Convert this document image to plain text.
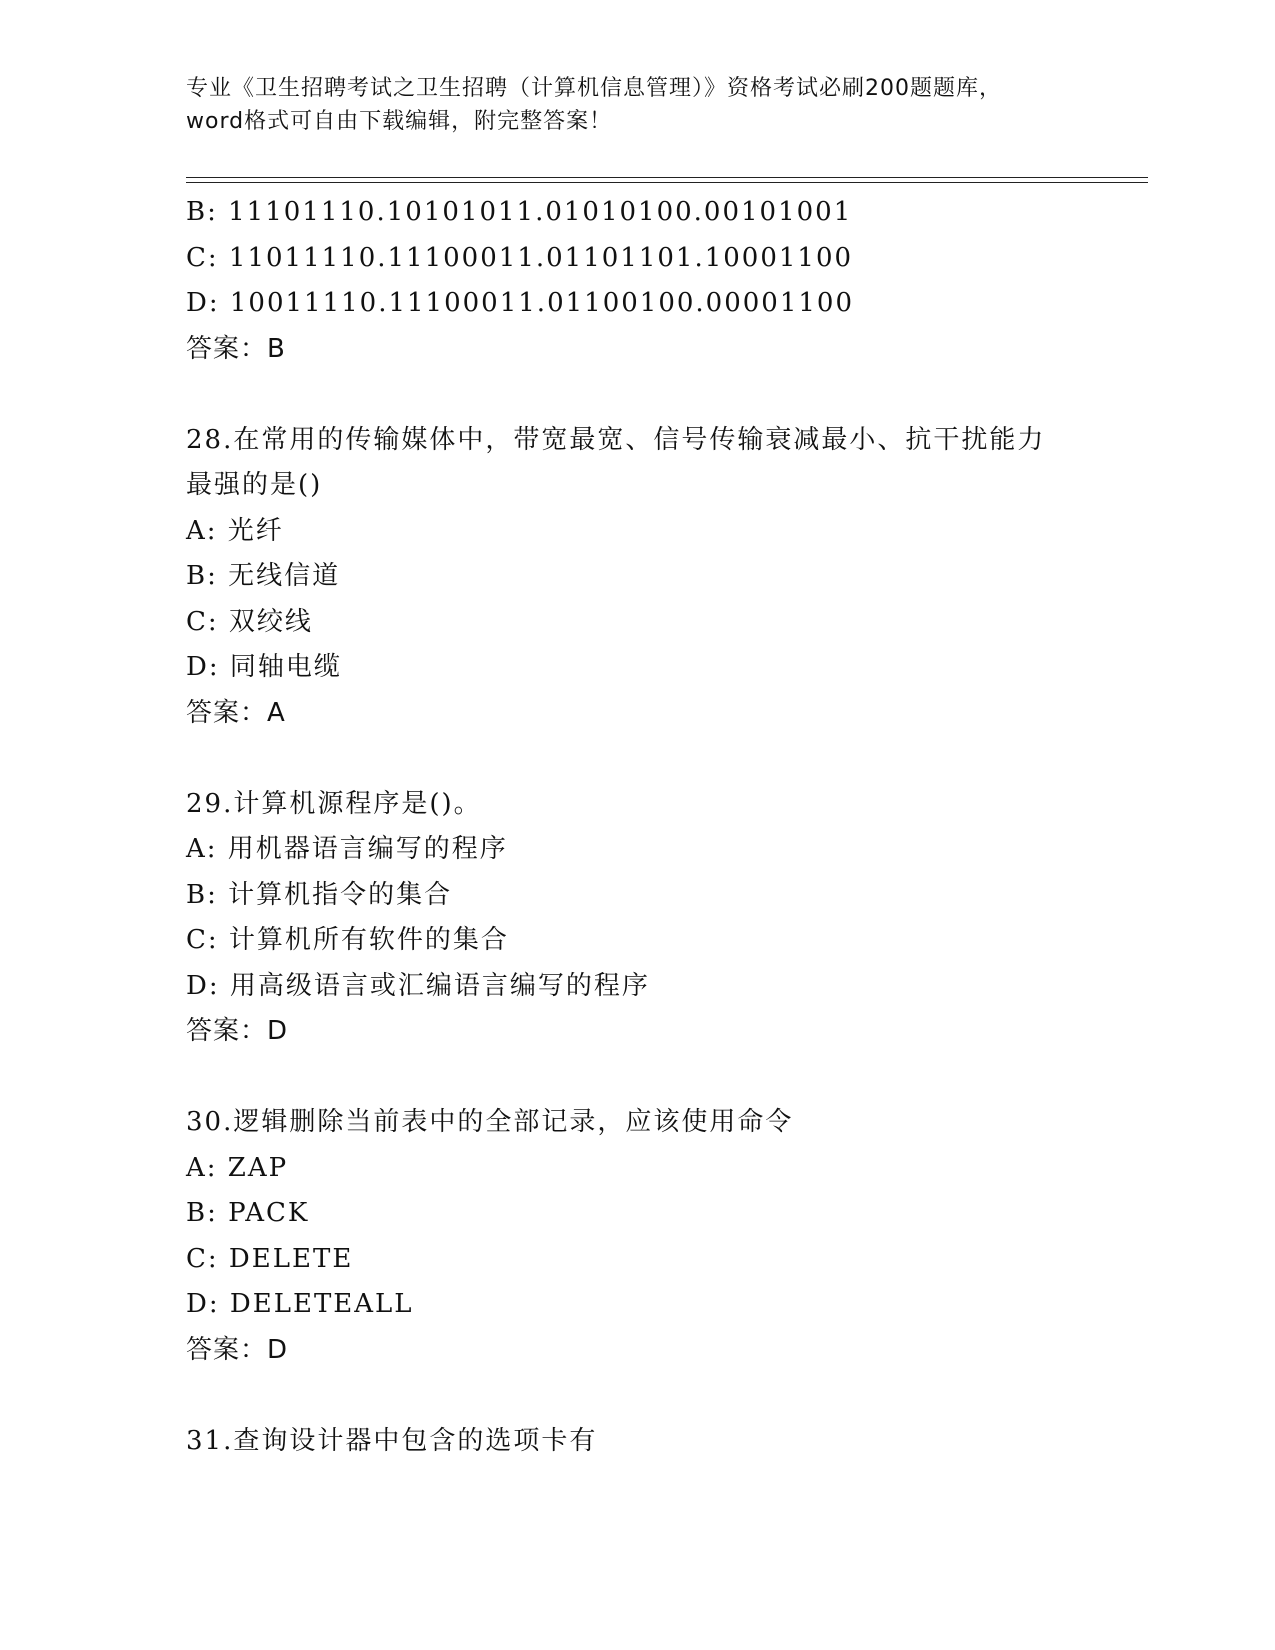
专业《卫生招聘考试之卫生招聘（计算机信息管理）》资格考试必刷200题题库，
word格式可自由下载编辑，附完整答案！
B: 11101110.10101011.01010100.00101001
C: 11011110.11100011.01101101.10001100
D: 10011110.11100011.01100100.00001100
答案：B
28.在常用的传输媒体中，带宽最宽、信号传输衰减最小、抗干扰能力
最强的是()
A: 光纤
B: 无线信道
C: 双绞线
D: 同轴电缆
答案：A
29.计算机源程序是()。
A: 用机器语言编写的程序
B: 计算机指令的集合
C: 计算机所有软件的集合
D: 用高级语言或汇编语言编写的程序
答案：D
30.逻辑删除当前表中的全部记录，应该使用命令
A: ZAP
B: PACK
C: DELETE
D: DELETEALL
答案：D
31.查询设计器中包含的选项卡有
